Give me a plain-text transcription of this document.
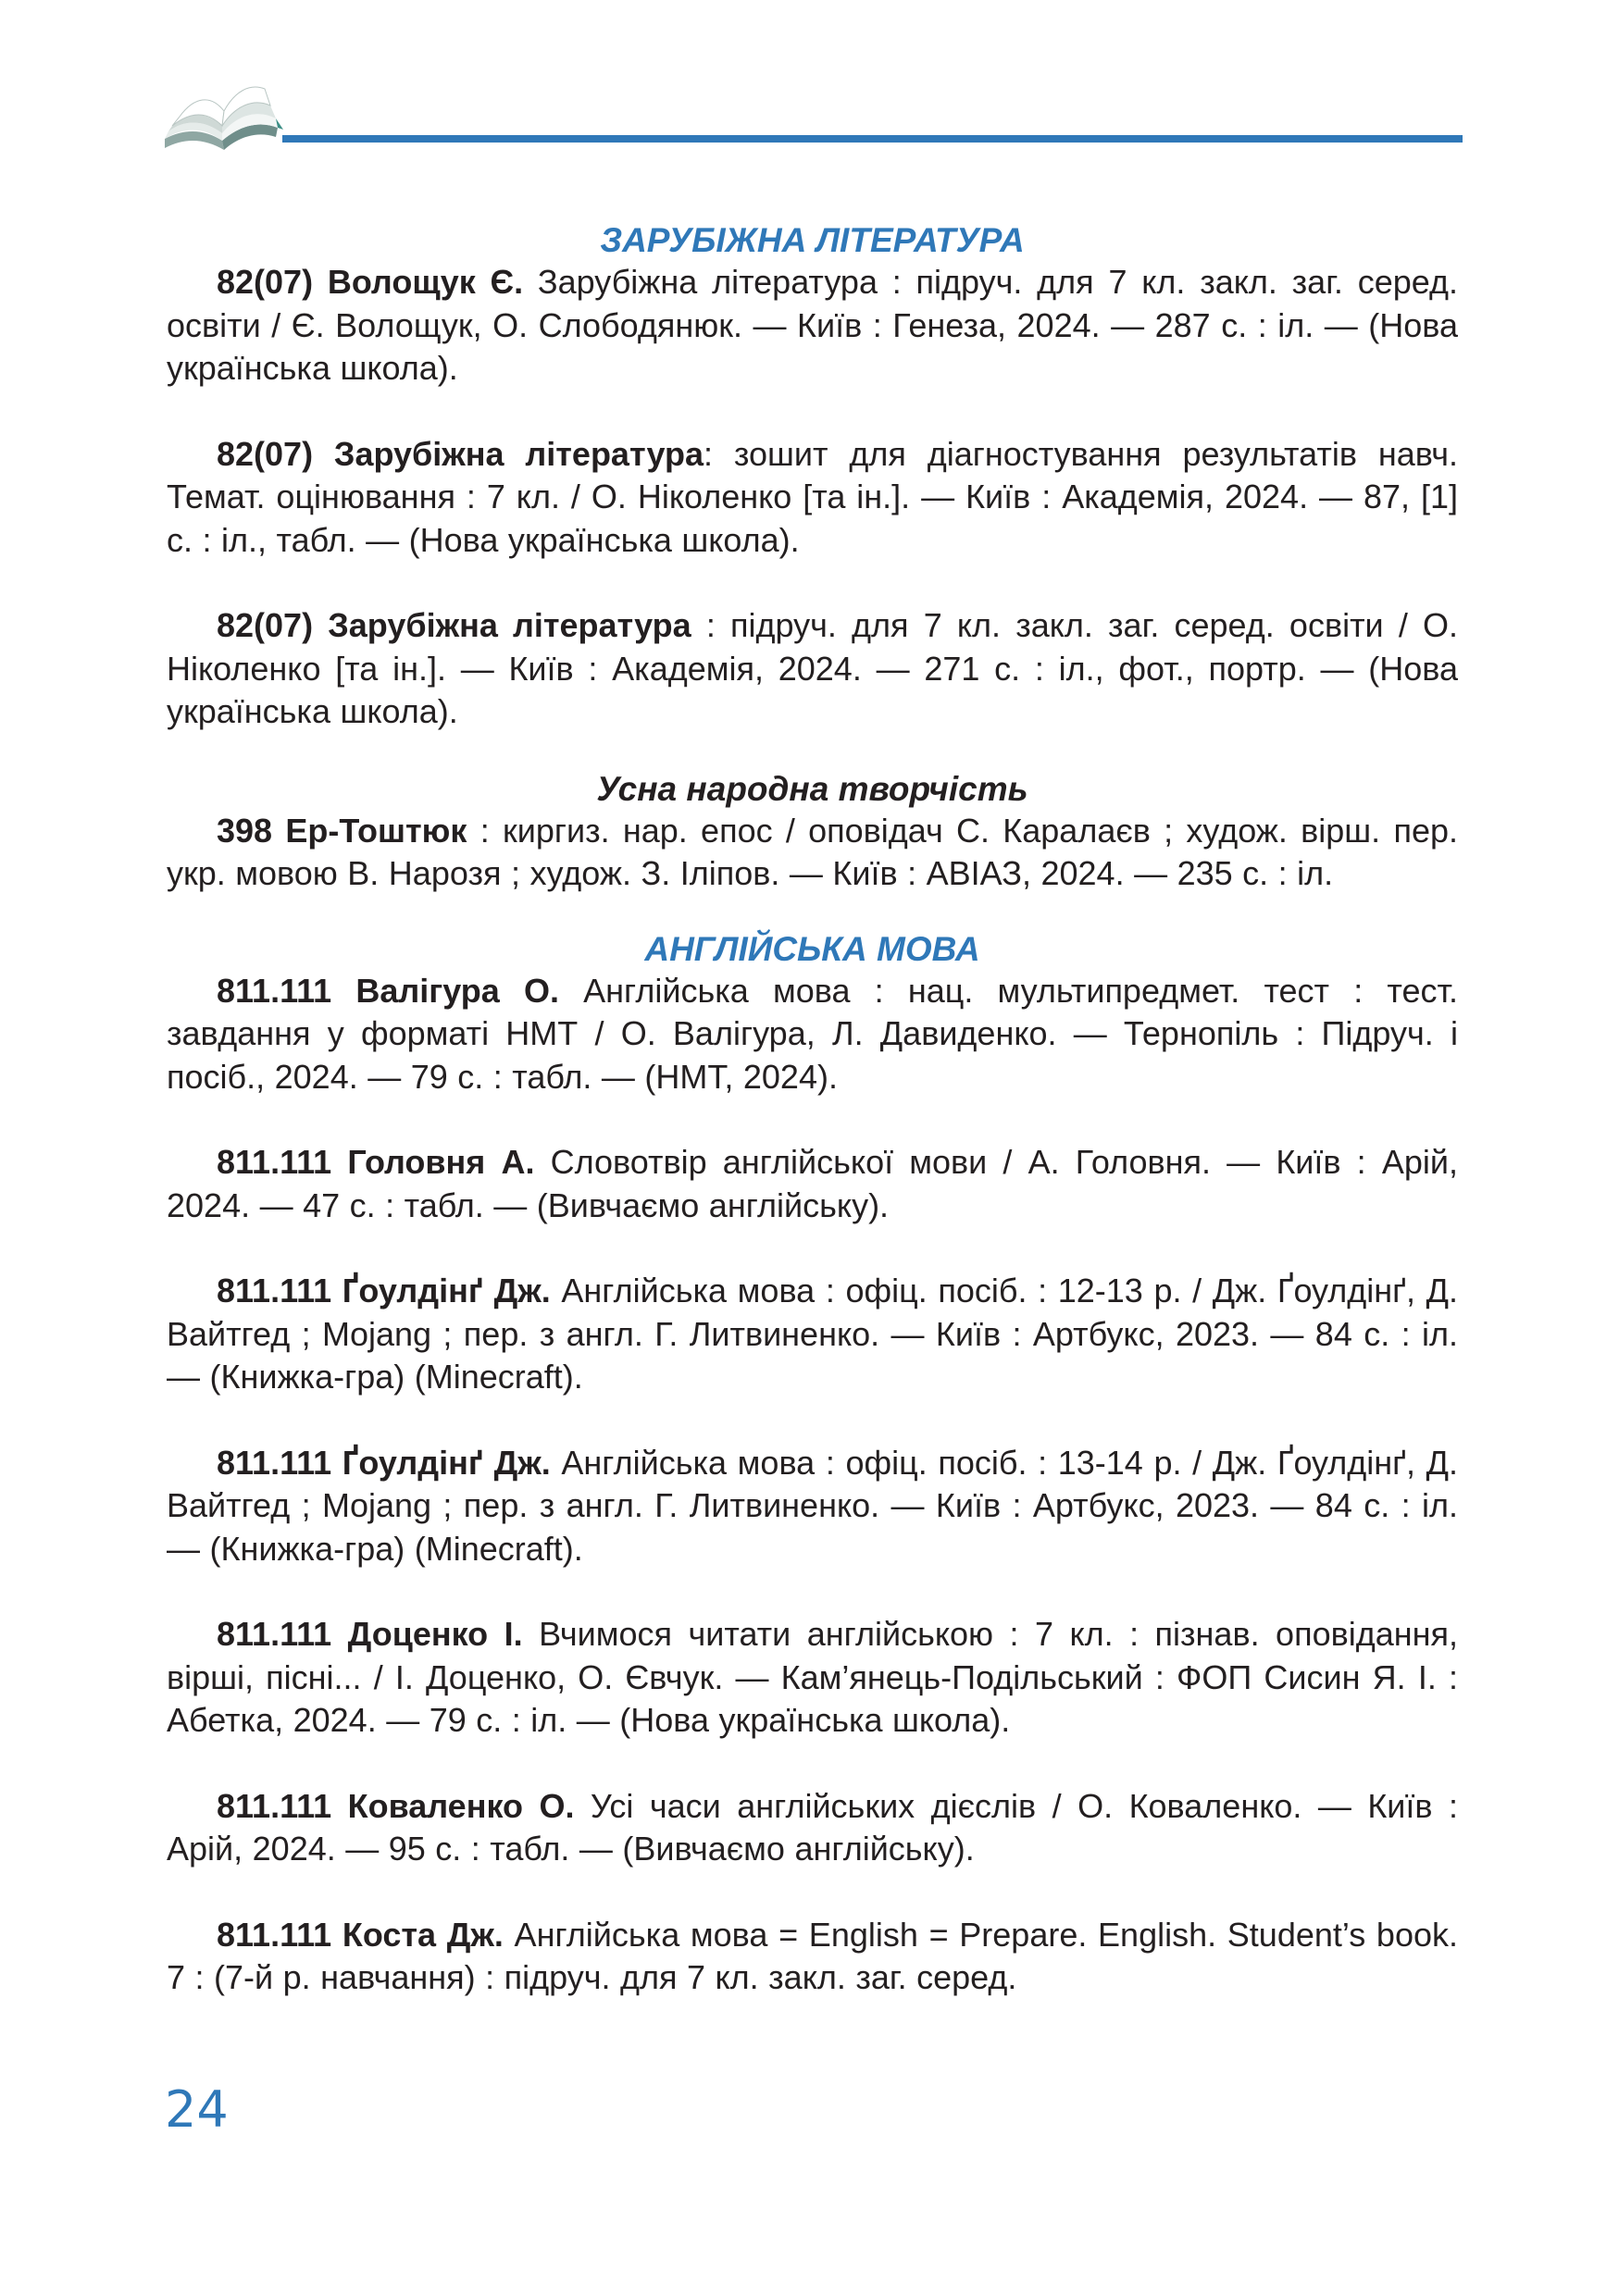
ЗАРУБІЖНА ЛІТЕРАТУРА

82(07) Волощук Є. Зарубіжна література : підруч. для 7 кл. закл. заг. серед. освіти / Є. Волощук, О. Слободянюк. — Київ : Генеза, 2024. — 287 с. : іл. — (Нова українська школа).

82(07) Зарубіжна література: зошит для діагностування результатів навч. Темат. оцінювання : 7 кл. / О. Ніколенко [та ін.]. — Київ : Академія, 2024. — 87, [1] с. : іл., табл. — (Нова українська школа).

82(07) Зарубіжна література : підруч. для 7 кл. закл. заг. серед. освіти / О. Ніколенко [та ін.]. — Київ : Академія, 2024. — 271 с. : іл., фот., портр. — (Нова українська школа).

Усна народна творчість

398 Ер-Тоштюк : киргиз. нар. епос / оповідач С. Каралаєв ; худож. вірш. пер. укр. мовою В. Нарозя ; худож. З. Іліпов. — Київ : АВІАЗ, 2024. — 235 с. : іл.

АНГЛІЙСЬКА МОВА

811.111 Валігура О. Англійська мова : нац. мультипредмет. тест : тест. завдання у форматі НМТ / О. Валігура, Л. Давиденко. — Тернопіль : Підруч. і посіб., 2024. — 79 с. : табл. — (НМТ, 2024).

811.111 Головня А. Словотвір англійської мови / А. Головня. — Київ : Арій, 2024. — 47 с. : табл. — (Вивчаємо англійську).

811.111 Ґоулдінґ Дж. Англійська мова : офіц. посіб. : 12-13 р. / Дж. Ґоулдінґ, Д. Вайтгед ; Mojang ; пер. з англ. Г. Литвиненко. — Київ : Артбукс, 2023. — 84 с. : іл. — (Книжка-гра) (Minecraft).

811.111 Ґоулдінґ Дж. Англійська мова : офіц. посіб. : 13-14 р. / Дж. Ґоулдінґ, Д. Вайтгед ; Mojang ; пер. з англ. Г. Литвиненко. — Київ : Артбукс, 2023. — 84 с. : іл. — (Книжка-гра) (Minecraft).

811.111 Доценко І. Вчимося читати англійською : 7 кл. : пізнав. оповідання, вірші, пісні... / І. Доценко, О. Євчук. — Кам’янець-Подільський : ФОП Сисин Я. І. : Абетка, 2024. — 79 с. : іл. — (Нова українська школа).

811.111 Коваленко О. Усі часи англійських дієслів / О. Коваленко. — Київ : Арій, 2024. — 95 с. : табл. — (Вивчаємо англійську).

811.111 Коста Дж. Англійська мова = English = Prepare. English. Student’s book. 7 : (7-й р. навчання) : підруч. для 7 кл. закл. заг. серед.

24
